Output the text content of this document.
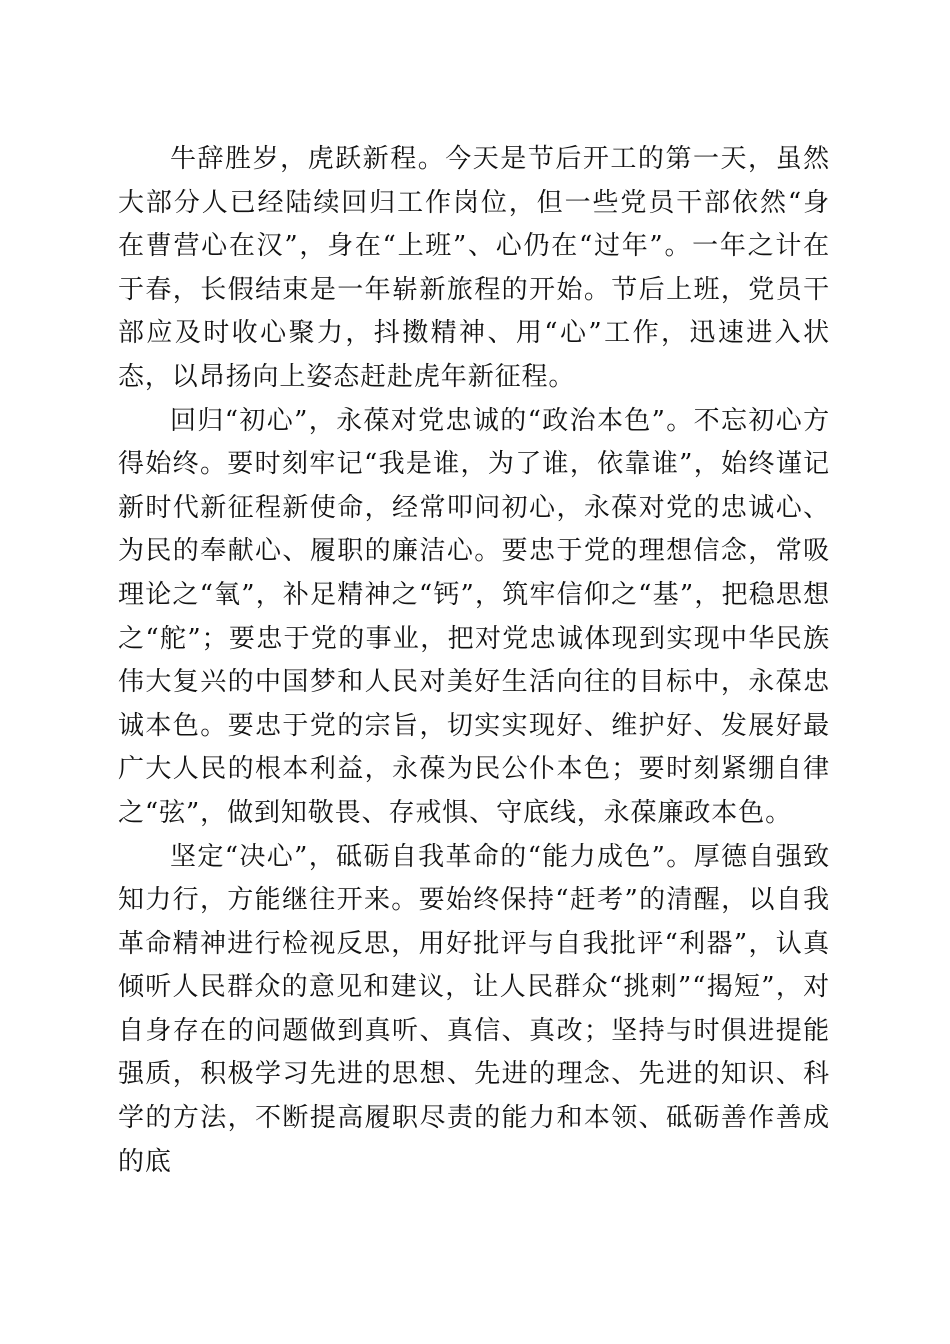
牛辞胜岁，虎跃新程。今天是节后开工的第一天，虽然大部分人已经陆续回归工作岗位，但一些党员干部依然“身在曹营心在汉”，身在“上班”、心仍在“过年”。一年之计在于春，长假结束是一年崭新旅程的开始。节后上班，党员干部应及时收心聚力，抖擞精神、用“心”工作，迅速进入状态，以昂扬向上姿态赶赴虎年新征程。

回归“初心”，永葆对党忠诚的“政治本色”。不忘初心方得始终。要时刻牢记“我是谁，为了谁，依靠谁”，始终谨记新时代新征程新使命，经常叩问初心，永葆对党的忠诚心、为民的奉献心、履职的廉洁心。要忠于党的理想信念，常吸理论之“氧”，补足精神之“钙”，筑牢信仰之“基”，把稳思想之“舵”；要忠于党的事业，把对党忠诚体现到实现中华民族伟大复兴的中国梦和人民对美好生活向往的目标中，永葆忠诚本色。要忠于党的宗旨，切实实现好、维护好、发展好最广大人民的根本利益，永葆为民公仆本色；要时刻紧绷自律之“弦”，做到知敬畏、存戒惧、守底线，永葆廉政本色。

坚定“决心”，砥砺自我革命的“能力成色”。厚德自强致知力行，方能继往开来。要始终保持“赶考”的清醒，以自我革命精神进行检视反思，用好批评与自我批评“利器”，认真倾听人民群众的意见和建议，让人民群众“挑刺”“揭短”，对自身存在的问题做到真听、真信、真改；坚持与时俱进提能强质，积极学习先进的思想、先进的理念、先进的知识、科学的方法，不断提高履职尽责的能力和本领、砥砺善作善成的底
